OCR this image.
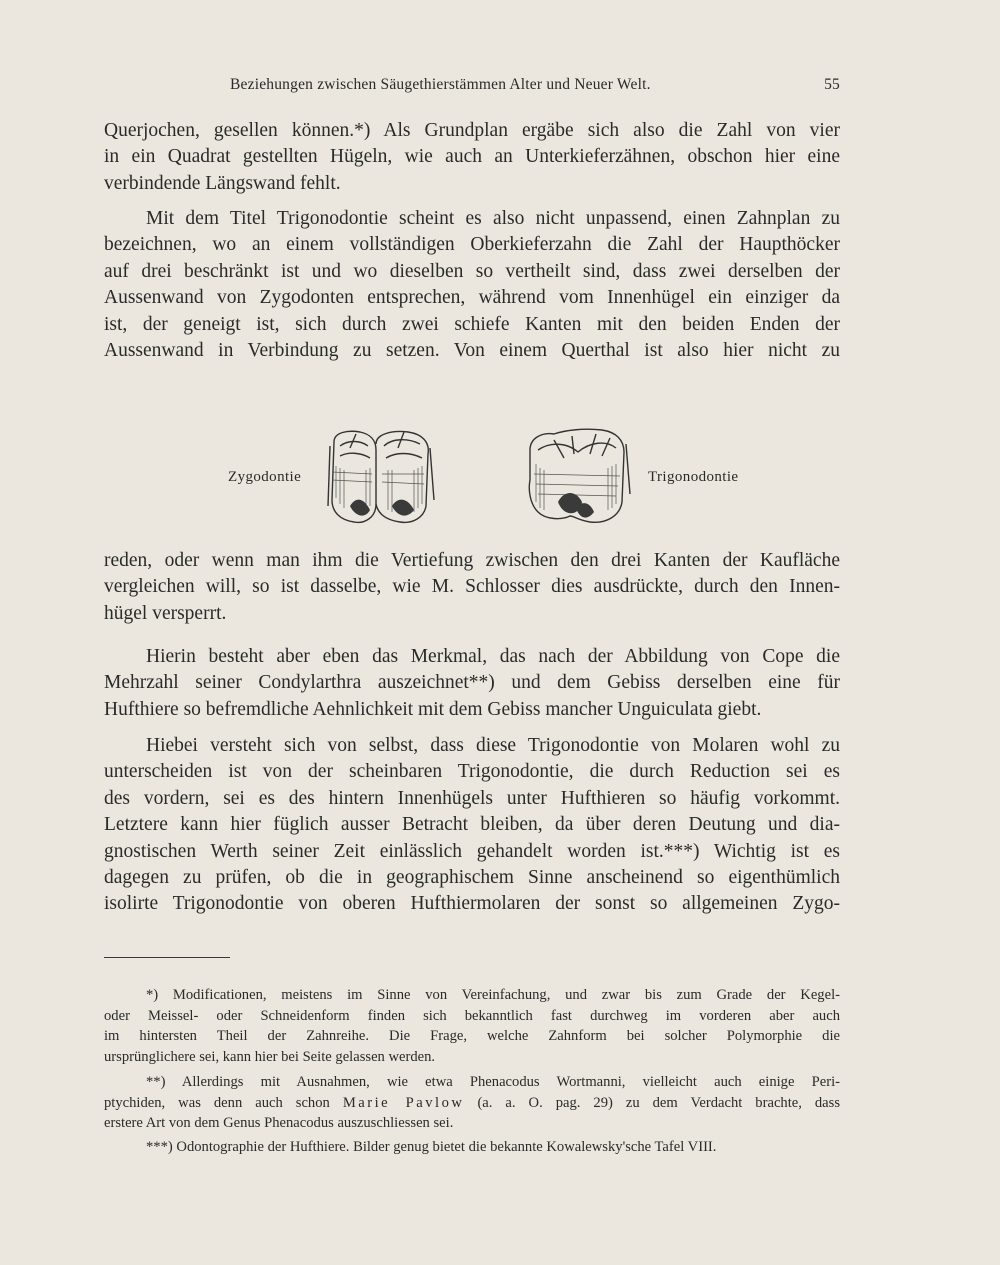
Beziehungen zwischen Säugethierstämmen Alter und Neuer Welt.	55
Querjochen, gesellen können.*) Als Grundplan ergäbe sich also die Zahl von vier
in ein Quadrat gestellten Hügeln, wie auch an Unterkieferzähnen, obschon hier eine
verbindende Längswand fehlt.
Mit dem Titel Trigonodontie scheint es also nicht unpassend, einen Zahnplan zu
bezeichnen, wo an einem vollständigen Oberkieferzahn die Zahl der Haupthöcker
auf drei beschränkt ist und wo dieselben so vertheilt sind, dass zwei derselben der
Aussenwand von Zygodonten entsprechen, während vom Innenhügel ein einziger da
ist, der geneigt ist, sich durch zwei schiefe Kanten mit den beiden Enden der
Aussenwand in Verbindung zu setzen. Von einem Querthal ist also hier nicht zu
Zygodontie	Trigonodontie
reden, oder wenn man ihm die Vertiefung zwischen den drei Kanten der Kaufläche
vergleichen will, so ist dasselbe, wie M. Schlosser dies ausdrückte, durch den Innen-
hügel versperrt.
Hierin besteht aber eben das Merkmal, das nach der Abbildung von Cope die
Mehrzahl seiner Condylarthra auszeichnet**) und dem Gebiss derselben eine für
Hufthiere so befremdliche Aehnlichkeit mit dem Gebiss mancher Unguiculata giebt.
Hiebei versteht sich von selbst, dass diese Trigonodontie von Molaren wohl zu
unterscheiden ist von der scheinbaren Trigonodontie, die durch Reduction sei es
des vordern, sei es des hintern Innenhügels unter Hufthieren so häufig vorkommt.
Letztere kann hier füglich ausser Betracht bleiben, da über deren Deutung und dia-
gnostischen Werth seiner Zeit einlässlich gehandelt worden ist.***) Wichtig ist es
dagegen zu prüfen, ob die in geographischem Sinne anscheinend so eigenthümlich
isolirte Trigonodontie von oberen Hufthiermolaren der sonst so allgemeinen Zygo-
*) Modificationen, meistens im Sinne von Vereinfachung, und zwar bis zum Grade der Kegel-
oder Meissel- oder Schneidenform finden sich bekanntlich fast durchweg im vorderen aber auch
im hintersten Theil der Zahnreihe. Die Frage, welche Zahnform bei solcher Polymorphie die
ursprünglichere sei, kann hier bei Seite gelassen werden.
**) Allerdings mit Ausnahmen, wie etwa Phenacodus Wortmanni, vielleicht auch einige Peri-
ptychiden, was denn auch schon Marie Pavlow (a. a. O. pag. 29) zu dem Verdacht brachte, dass
erstere Art von dem Genus Phenacodus auszuschliessen sei.
***) Odontographie der Hufthiere. Bilder genug bietet die bekannte Kowalewsky'sche Tafel VIII.
